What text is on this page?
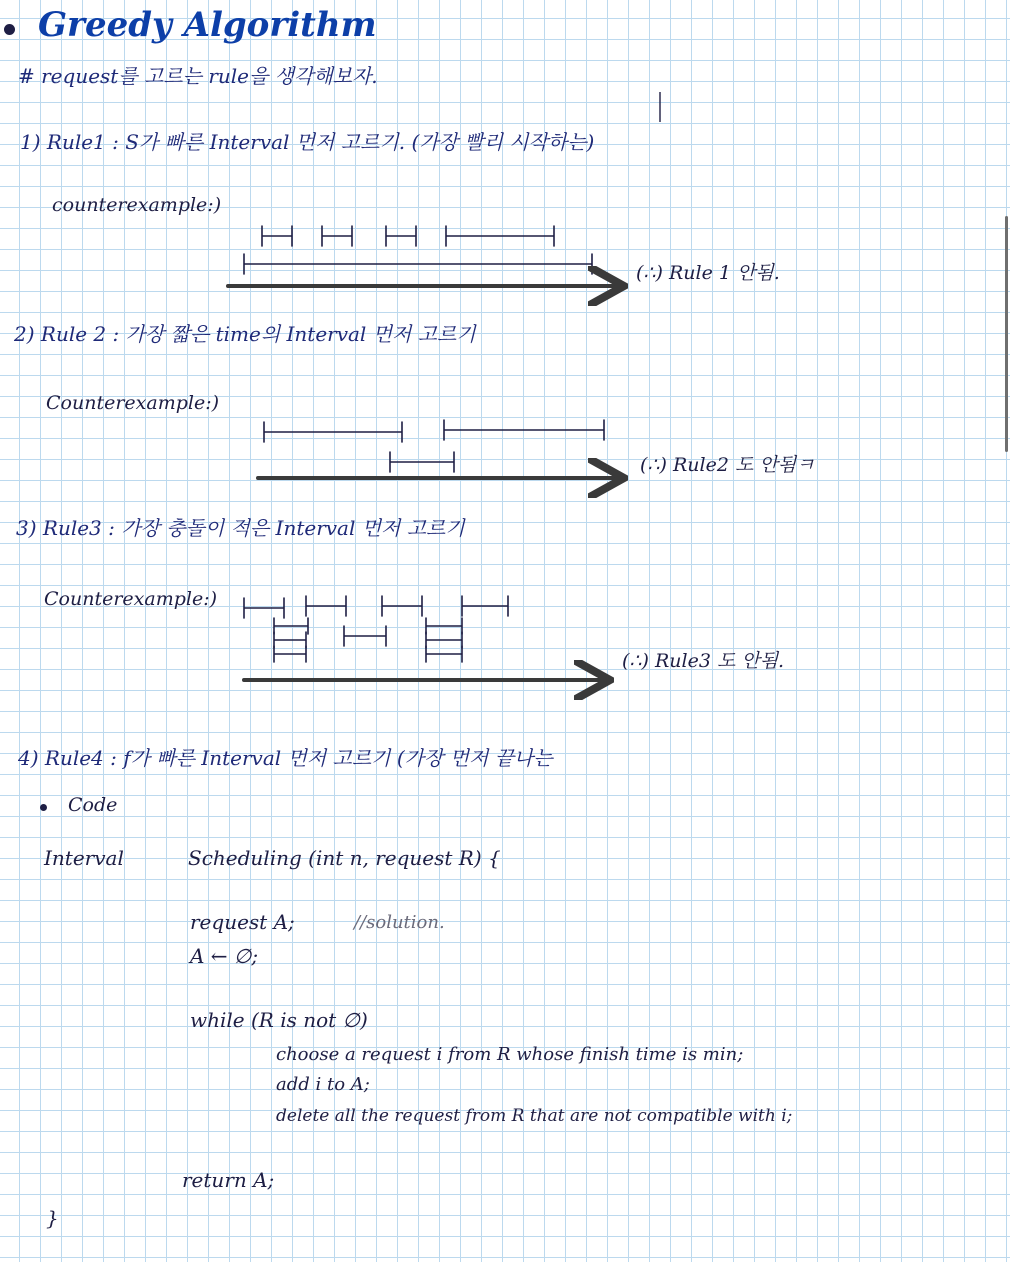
Greedy Algorithm
# request를 고르는 rule을 생각해보자.
1) Rule1 : S가 빠른 Interval 먼저 고르기. (가장 빨리 시작하는)
counterexample:)
(∴) Rule 1 안됨.
2) Rule 2 : 가장 짧은 time의 Interval 먼저 고르기
Counterexample:)
(∴) Rule2 도 안됨ㅋ
3) Rule3 : 가장 충돌이 적은 Interval 먼저 고르기
Counterexample:)
(∴) Rule3 도 안됨.
4) Rule4 : f가 빠른 Interval 먼저 고르기 (가장 먼저 끝나는
Code
Interval	Scheduling (int n, request R) {
request A;	//solution.
A ← ∅;
while (R is not ∅)
choose a request i from R whose finish time is min;
add i to A;
delete all the request from R that are not compatible with i;
return A;
}
